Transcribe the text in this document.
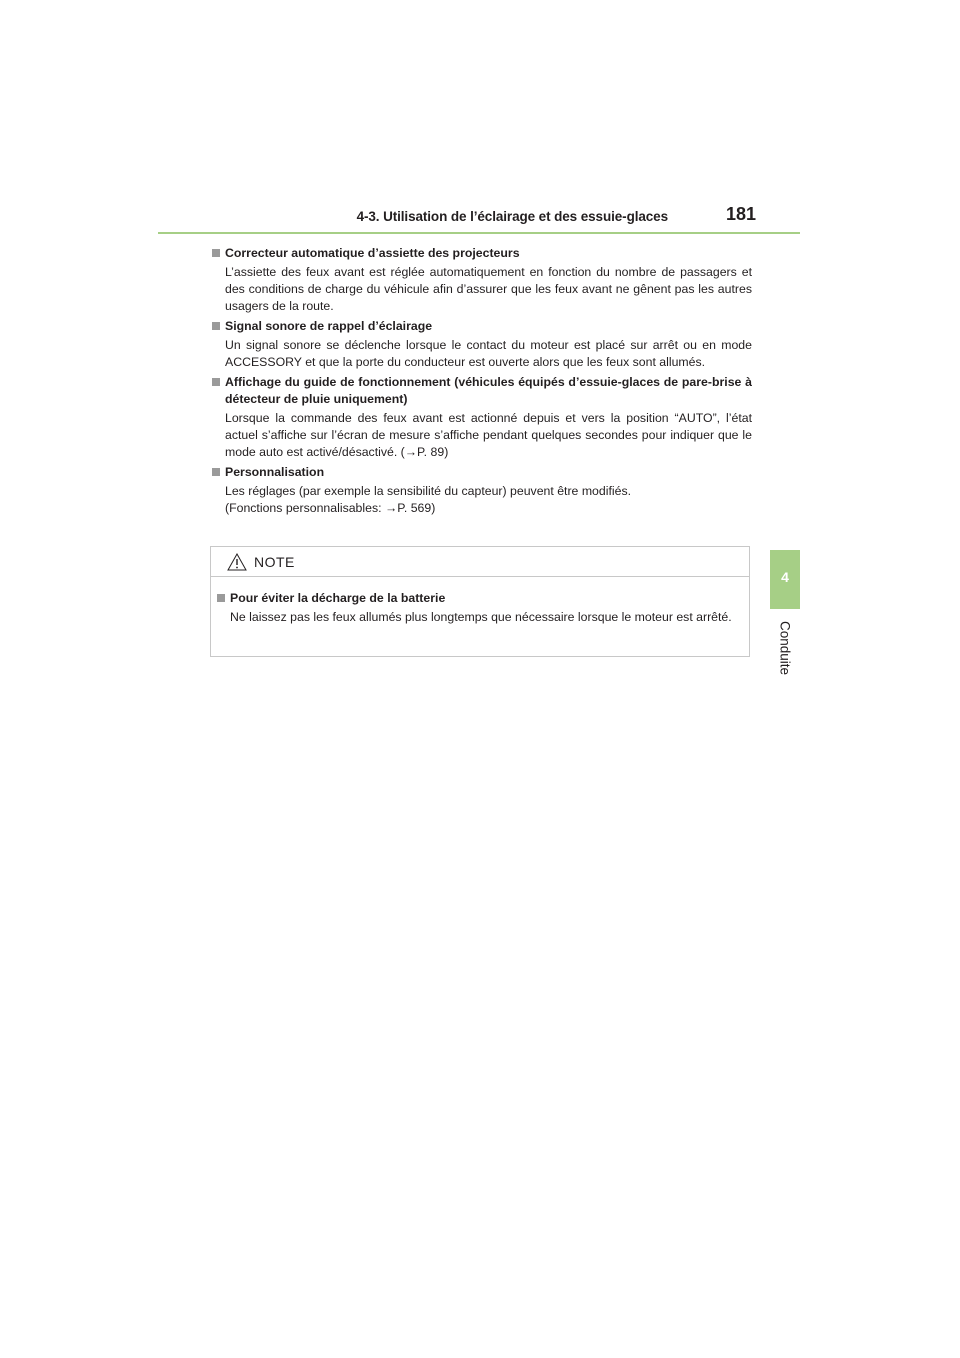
4-3. Utilisation de l’éclairage et des essuie-glaces	181
4
Conduite
Correcteur automatique d’assiette des projecteurs

L’assiette des feux avant est réglée automatiquement en fonction du nombre de passagers et des conditions de charge du véhicule afin d’assurer que les feux avant ne gênent pas les autres usagers de la route.

Signal sonore de rappel d’éclairage

Un signal sonore se déclenche lorsque le contact du moteur est placé sur arrêt ou en mode ACCESSORY et que la porte du conducteur est ouverte alors que les feux sont allumés.

Affichage du guide de fonctionnement (véhicules équipés d’essuie-glaces de pare-brise à détecteur de pluie uniquement)

Lorsque la commande des feux avant est actionné depuis et vers la position “AUTO”, l’état actuel s’affiche sur l’écran de mesure s’affiche pendant quelques secondes pour indiquer que le mode auto est activé/désactivé. (→P. 89)

Personnalisation

Les réglages (par exemple la sensibilité du capteur) peuvent être modifiés.

(Fonctions personnalisables: →P. 569)

NOTE
Pour éviter la décharge de la batterie

Ne laissez pas les feux allumés plus longtemps que nécessaire lorsque le moteur est arrêté.
